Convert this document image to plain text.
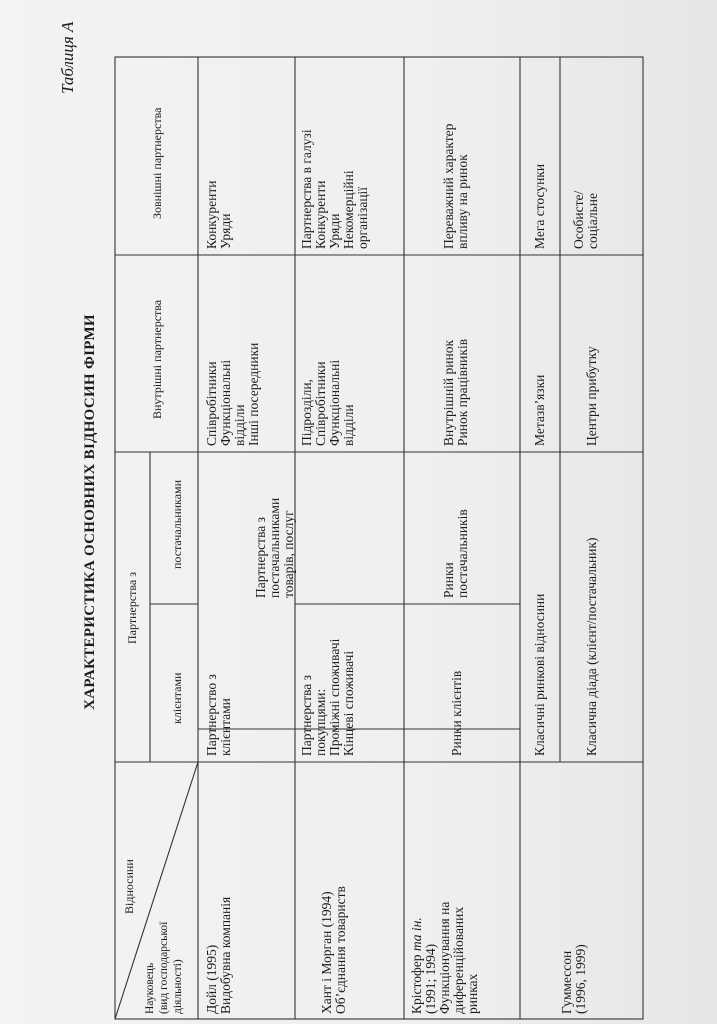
Таблиця А
ХАРАКТЕРИСТИКА ОСНОВНИХ ВІДНОСИН ФІРМИ
Відносини
Науковець (вид господарської діяльності)
Партнерства з
клієнтами
постачальниками
Внутрішні партнерства
Зовнішні партнерства
Дойл (1995) Видобувна компанія
Партнерство з клієнтами
Співробітники Функціональні відділи Інші посередники
Конкуренти Уряди
Хант і Морган (1994) Об’єднання товариств
Партнерства з покупцями: Проміжні споживачі Кінцеві споживачі
Партнерства з постачальниками товарів, послуг
Підрозділи, Співробітники Функціональні відділи
Партнерства в галузі Конкуренти Уряди Некомерційні організації
Крістофер та ін.
(1991; 1994) Функціонування на диференційованих ринках
Ринки клієнтів
Ринки постачальників
Внутрішній ринок Ринок працівників
Переважний характер впливу на ринок
Гуммессон (1996, 1999)
Класичні ринкові відносини	Класична діада (клієнт/постачальник)
Метазв’язки	Центри прибутку
Мега стосунки Особисте/ соціальне
